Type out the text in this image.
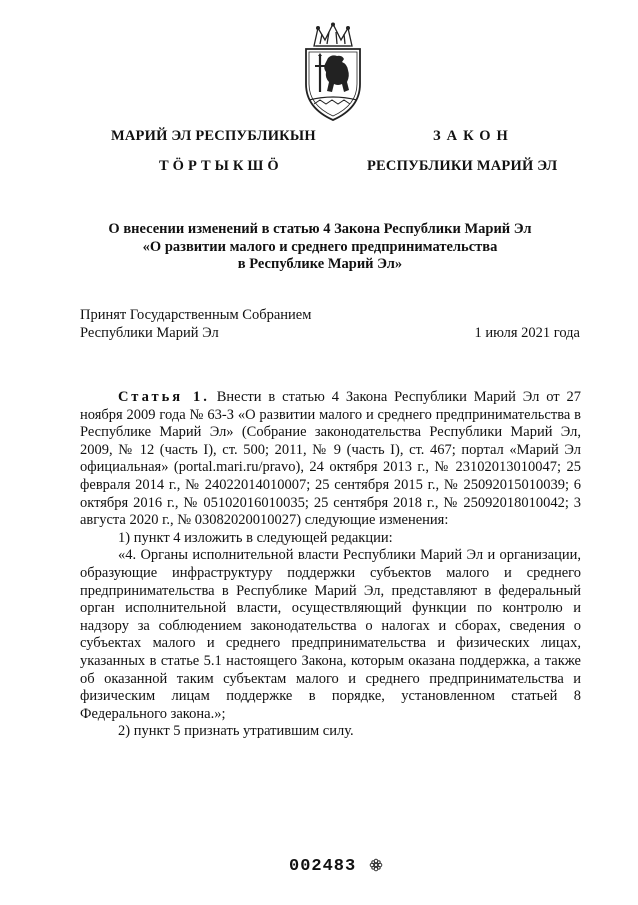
МАРИЙ ЭЛ РЕСПУБЛИКЫН
ТӦРТЫКШӦ
ЗАКОН
РЕСПУБЛИКИ МАРИЙ ЭЛ
О внесении изменений в статью 4 Закона Республики Марий Эл
«О развитии малого и среднего предпринимательства
в Республике Марий Эл»
Принят Государственным Собранием
Республики Марий Эл	1 июля 2021 года

Статья 1. Внести в статью 4 Закона Республики Марий Эл от 27 ноября 2009 года № 63-З «О развитии малого и среднего предпринимательства в Республике Марий Эл» (Собрание законодательства Республики Марий Эл, 2009, № 12 (часть I), ст. 500; 2011, № 9 (часть I), ст. 467; портал «Марий Эл официальная» (portal.mari.ru/pravo), 24 октября 2013 г., № 23102013010047; 25 февраля 2014 г., № 24022014010007; 25 сентября 2015 г., № 25092015010039; 6 октября 2016 г., № 05102016010035; 25 сентября 2018 г., № 25092018010042; 3 августа 2020 г., № 03082020010027) следующие изменения:

1) пункт 4 изложить в следующей редакции:

«4. Органы исполнительной власти Республики Марий Эл и организации, образующие инфраструктуру поддержки субъектов малого и среднего предпринимательства в Республике Марий Эл, представляют в федеральный орган исполнительной власти, осуществляющий функции по контролю и надзору за соблюдением законодательства о налогах и сборах, сведения о субъектах малого и среднего предпринимательства и физических лицах, указанных в статье 5.1 настоящего Закона, которым оказана поддержка, а также об оказанной таким субъектам малого и среднего предпринимательства и физическим лицам поддержке в порядке, установленном статьей 8 Федерального закона.»;

2) пункт 5 признать утратившим силу.

002483
